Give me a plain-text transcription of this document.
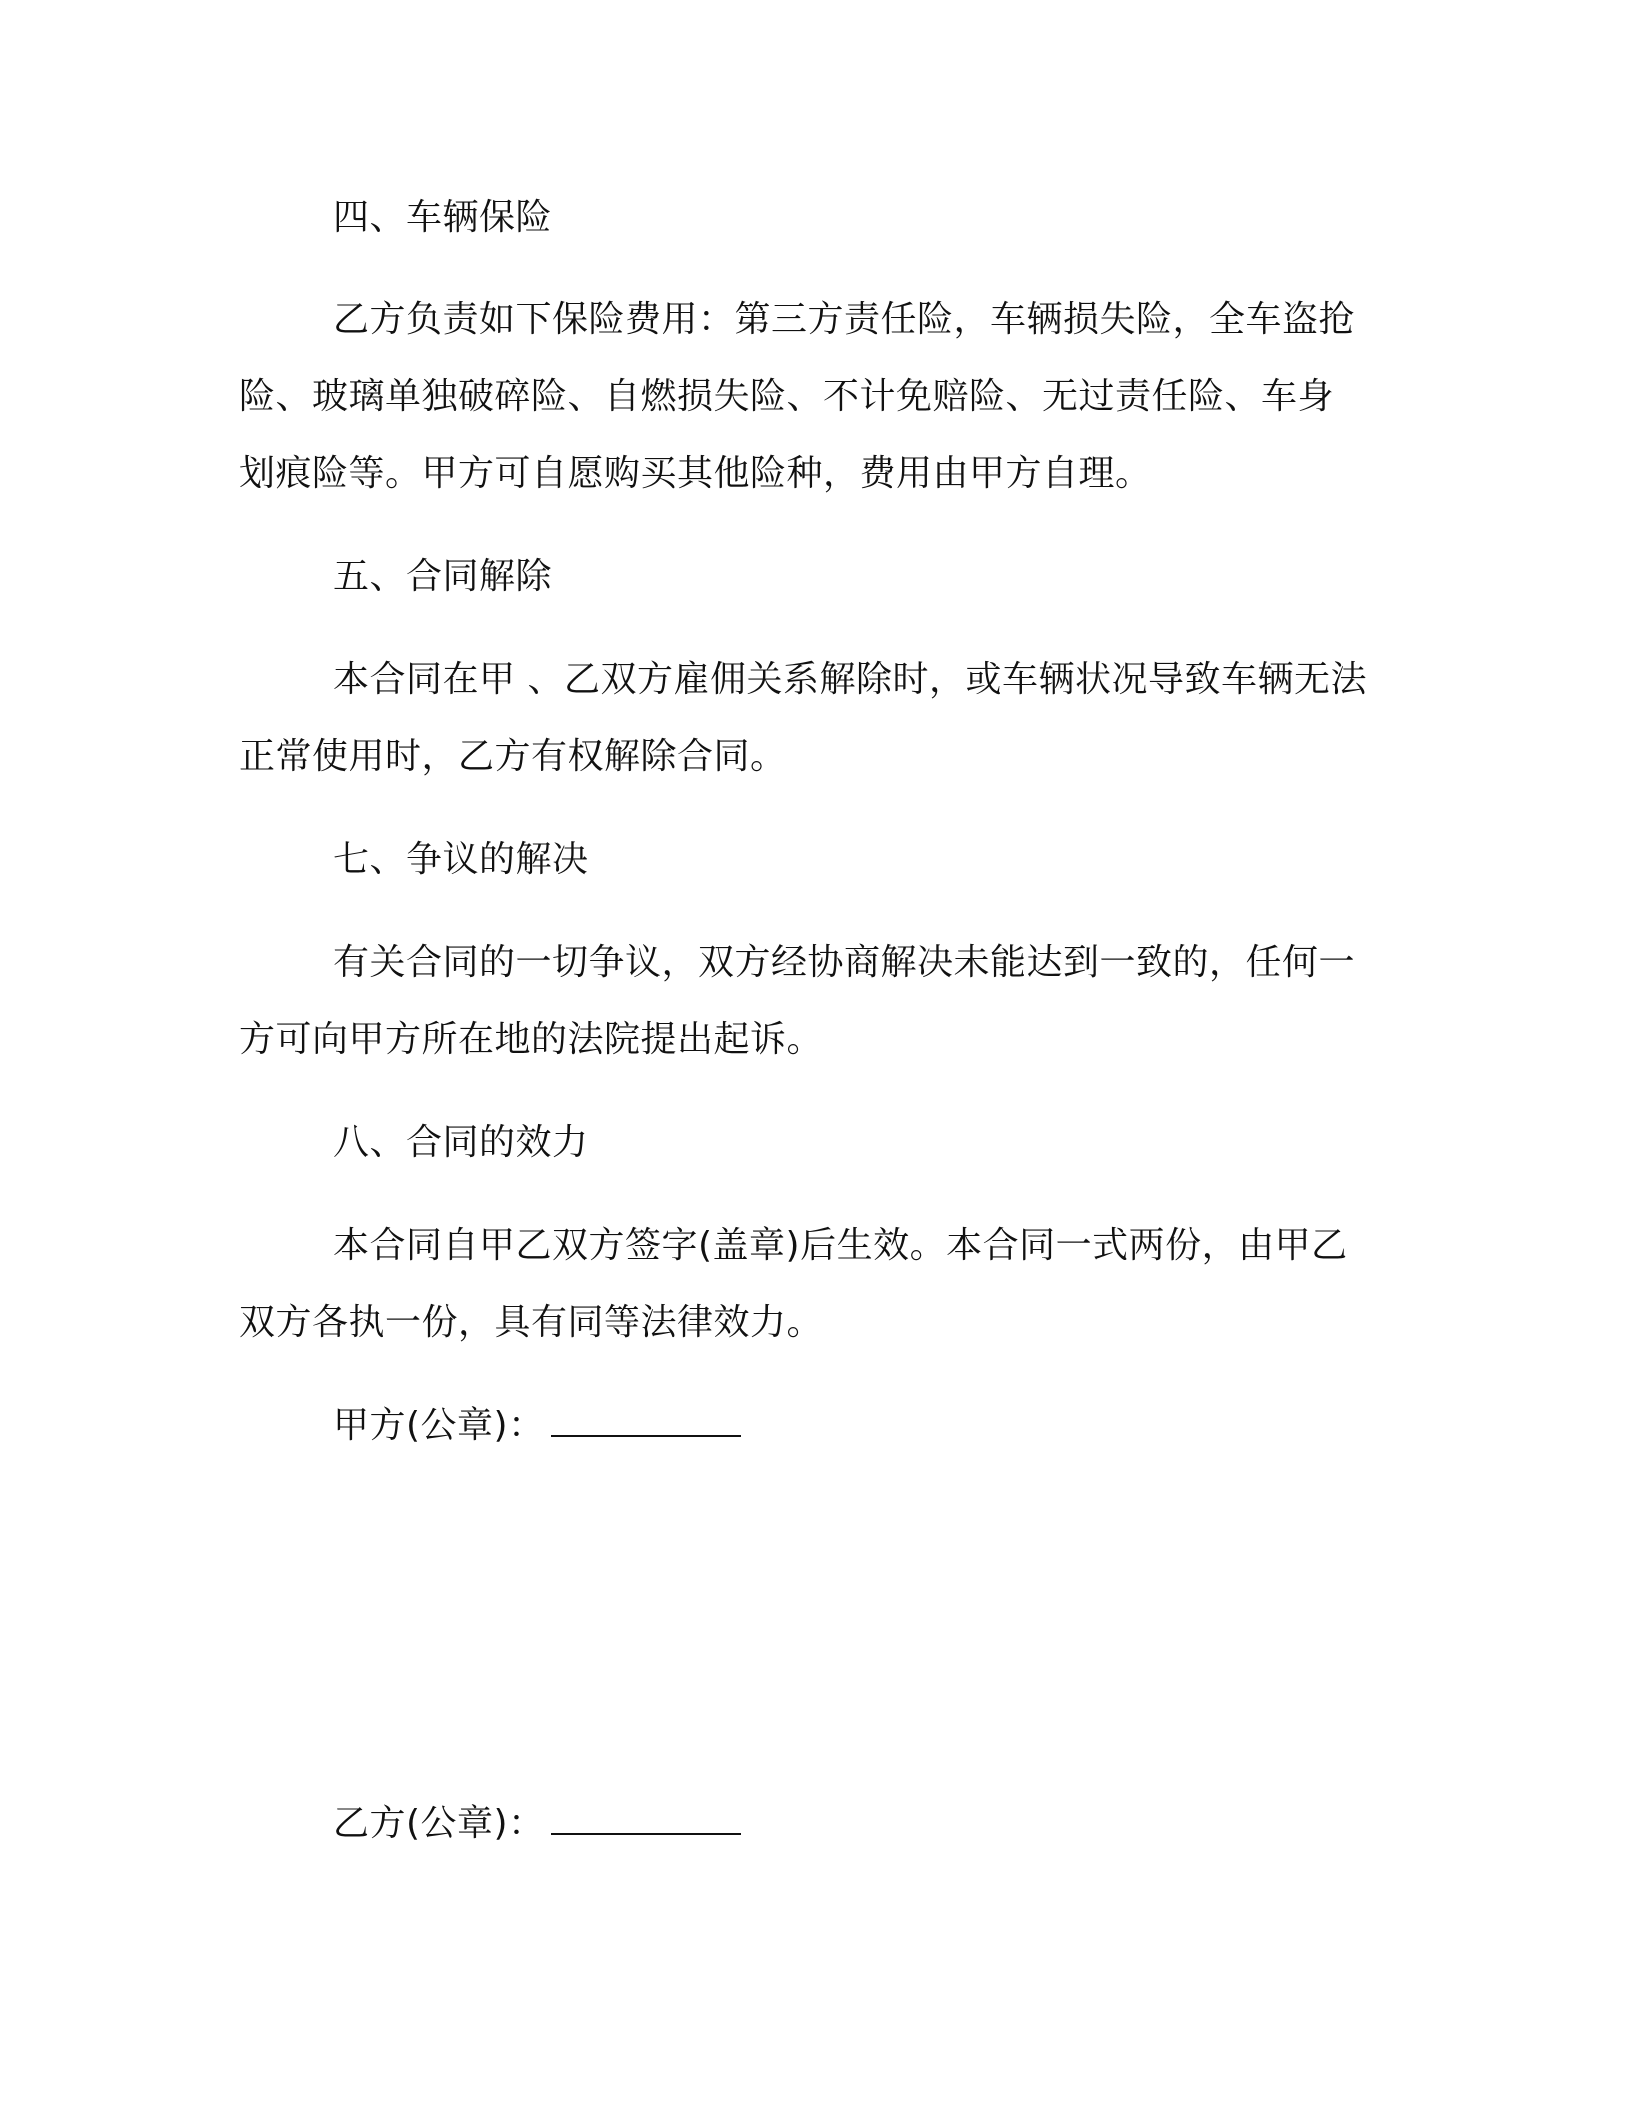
四、车辆保险
乙方负责如下保险费用：第三方责任险，车辆损失险，全车盗抢
险、玻璃单独破碎险、自燃损失险、不计免赔险、无过责任险、车身
划痕险等。甲方可自愿购买其他险种，费用由甲方自理。
五、合同解除
本合同在甲 、乙双方雇佣关系解除时，或车辆状况导致车辆无法
正常使用时，乙方有权解除合同。
七、争议的解决
有关合同的一切争议，双方经协商解决未能达到一致的，任何一
方可向甲方所在地的法院提出起诉。
八、合同的效力
本合同自甲乙双方签字(盖章)后生效。本合同一式两份，由甲乙
双方各执一份，具有同等法律效力。
甲方(公章)：
乙方(公章)：
